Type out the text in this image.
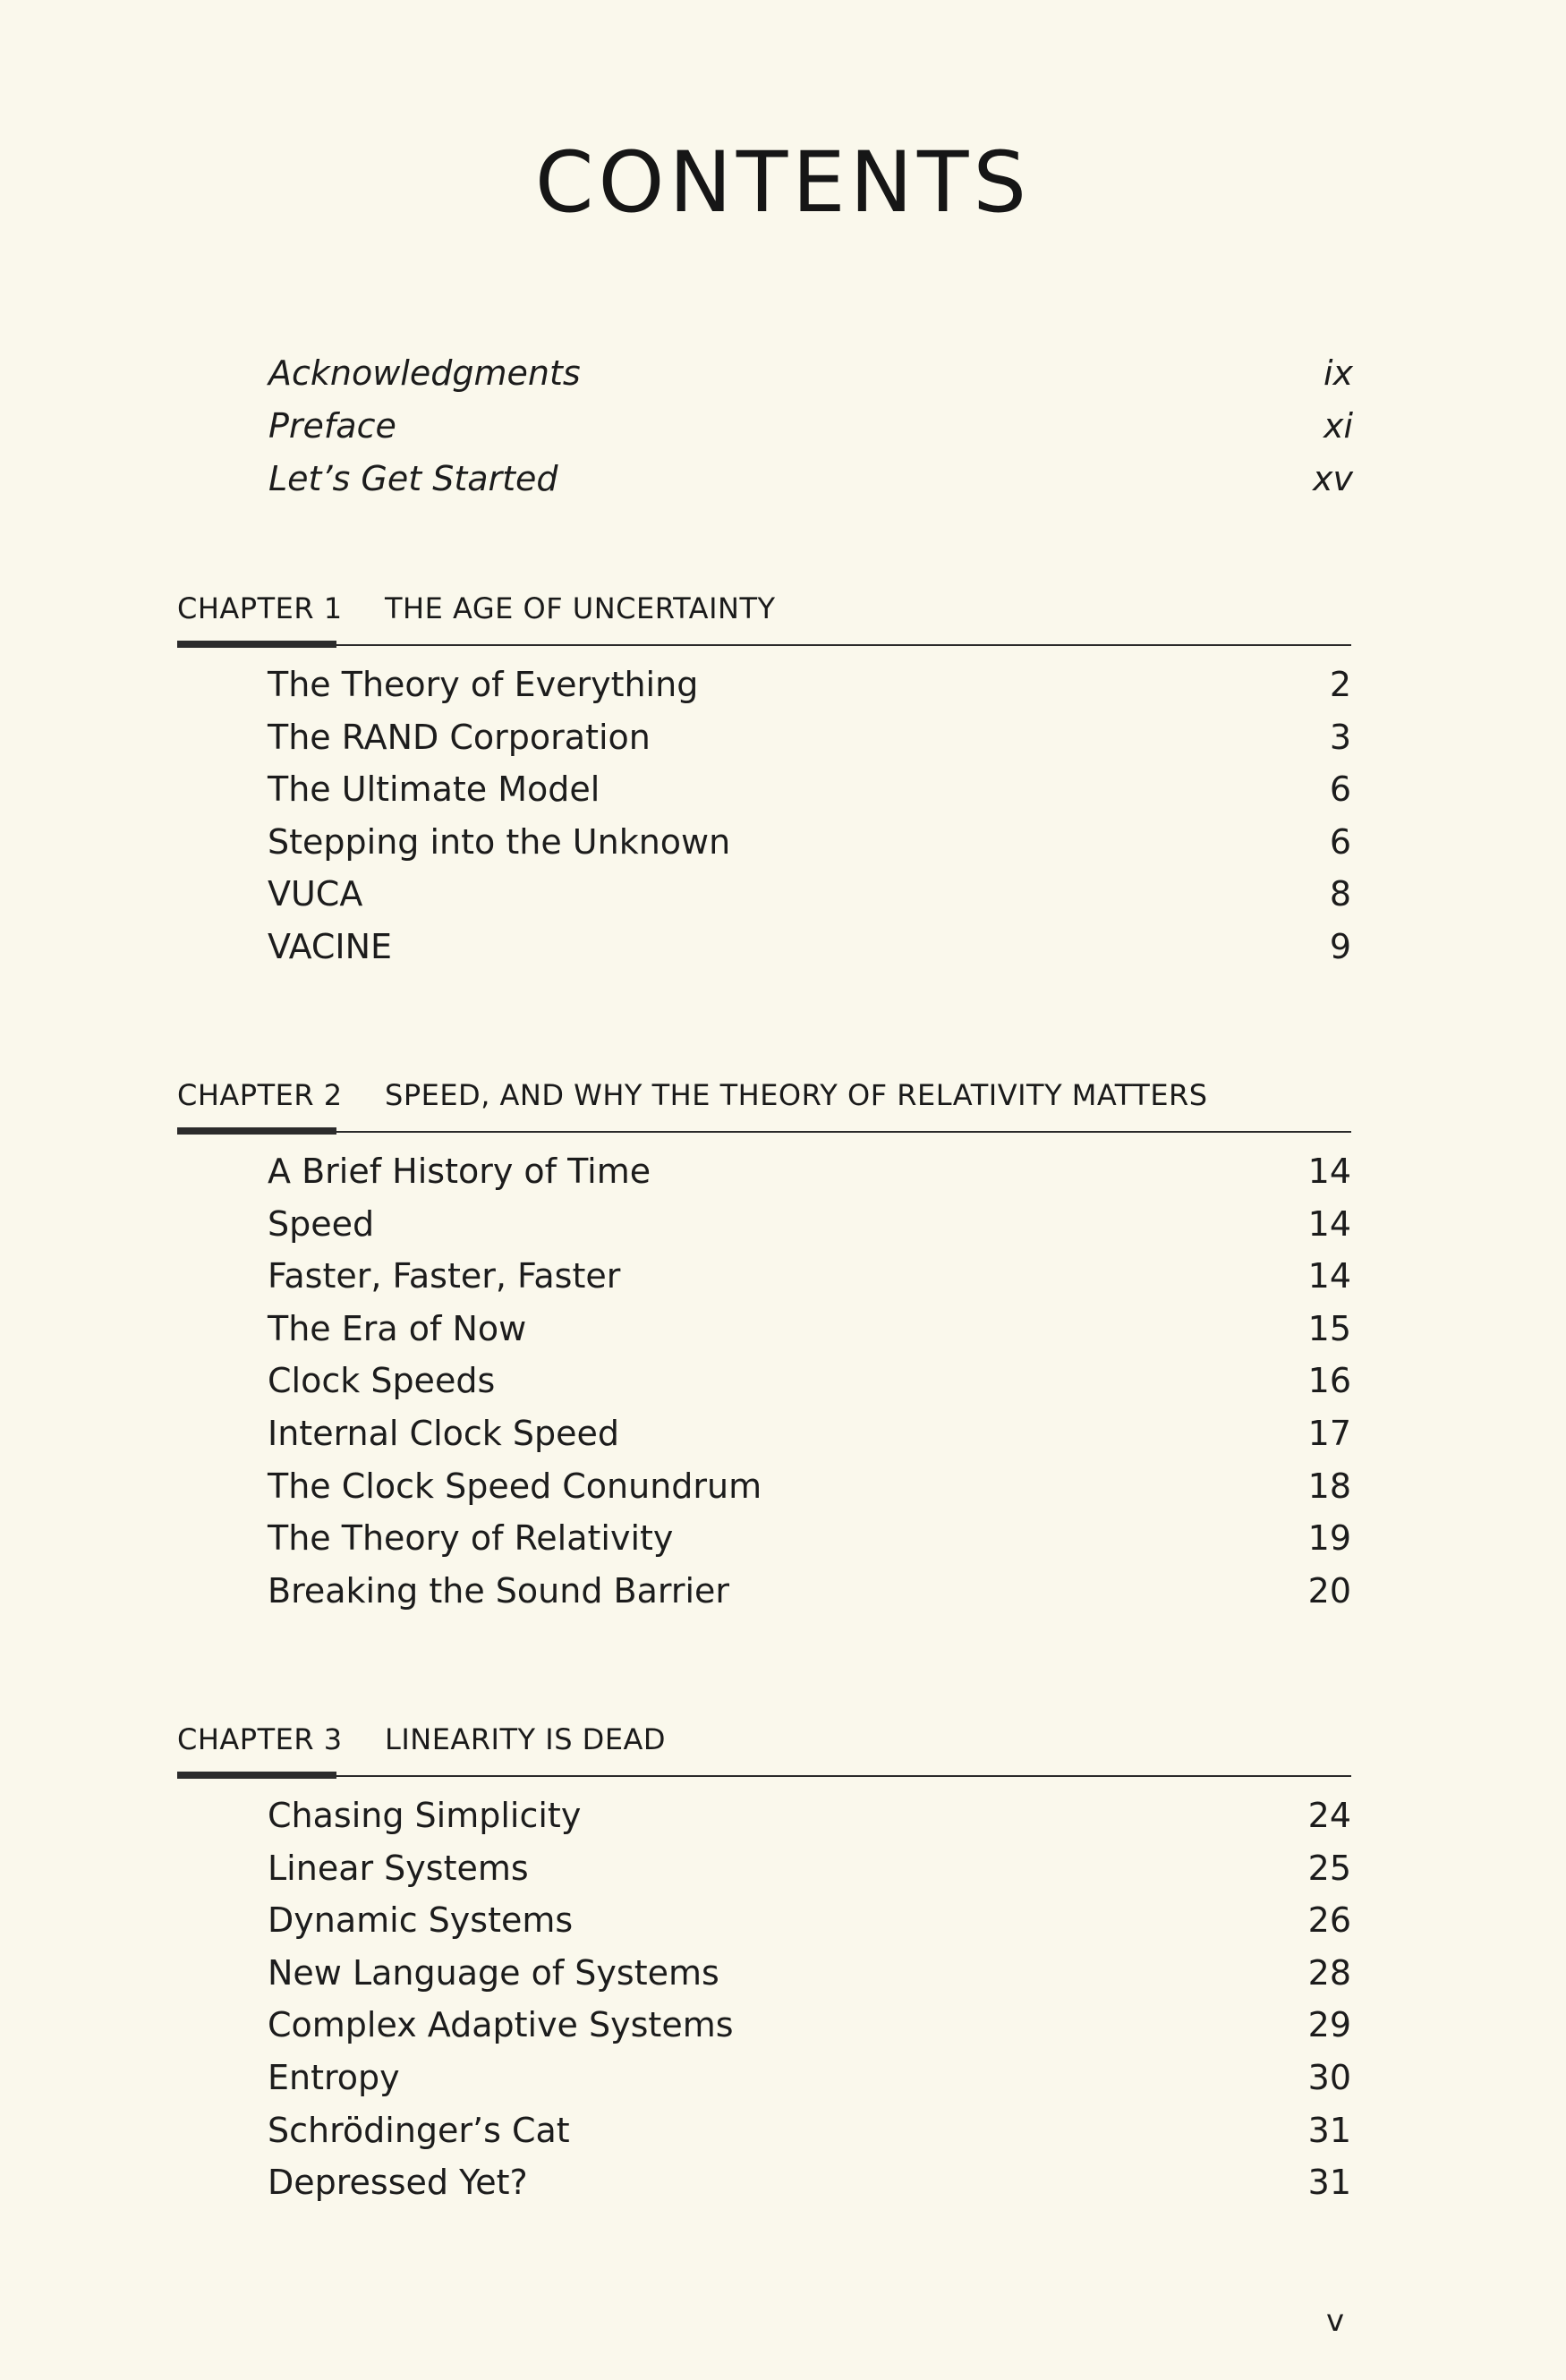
CONTENTS
Acknowledgments	ix
Preface	xi
Let’s Get Started	xv
CHAPTER 1	THE AGE OF UNCERTAINTY
The Theory of Everything	2
The RAND Corporation	3
The Ultimate Model	6
Stepping into the Unknown	6
VUCA	8
VACINE	9
CHAPTER 2	SPEED, AND WHY THE THEORY OF RELATIVITY MATTERS
A Brief History of Time	14
Speed	14
Faster, Faster, Faster	14
The Era of Now	15
Clock Speeds	16
Internal Clock Speed	17
The Clock Speed Conundrum	18
The Theory of Relativity	19
Breaking the Sound Barrier	20
CHAPTER 3	LINEARITY IS DEAD
Chasing Simplicity	24
Linear Systems	25
Dynamic Systems	26
New Language of Systems	28
Complex Adaptive Systems	29
Entropy	30
Schrödinger’s Cat	31
Depressed Yet?	31
v
